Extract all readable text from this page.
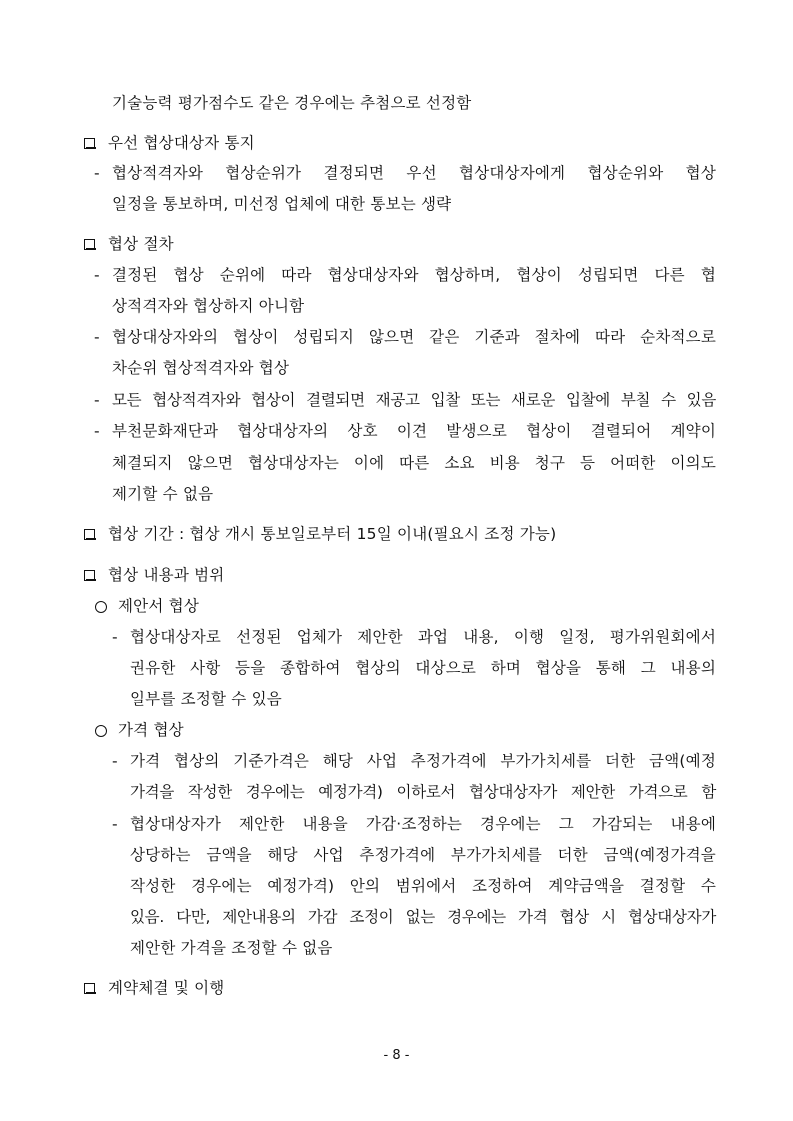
기술능력 평가점수도 같은 경우에는 추첨으로 선정함
우선 협상대상자 통지
- 협상적격자와 협상순위가 결정되면 우선 협상대상자에게 협상순위와 협상
일정을 통보하며, 미선정 업체에 대한 통보는 생략
협상 절차
- 결정된 협상 순위에 따라 협상대상자와 협상하며, 협상이 성립되면 다른 협
상적격자와 협상하지 아니함
- 협상대상자와의 협상이 성립되지 않으면 같은 기준과 절차에 따라 순차적으로
차순위 협상적격자와 협상
- 모든 협상적격자와 협상이 결렬되면 재공고 입찰 또는 새로운 입찰에 부칠 수 있음
- 부천문화재단과 협상대상자의 상호 이견 발생으로 협상이 결렬되어 계약이
체결되지 않으면 협상대상자는 이에 따른 소요 비용 청구 등 어떠한 이의도
제기할 수 없음
협상 기간 : 협상 개시 통보일로부터 15일 이내(필요시 조정 가능)
협상 내용과 범위
제안서 협상
- 협상대상자로 선정된 업체가 제안한 과업 내용, 이행 일정, 평가위원회에서
권유한 사항 등을 종합하여 협상의 대상으로 하며 협상을 통해 그 내용의
일부를 조정할 수 있음
가격 협상
- 가격 협상의 기준가격은 해당 사업 추정가격에 부가가치세를 더한 금액(예정
가격을 작성한 경우에는 예정가격) 이하로서 협상대상자가 제안한 가격으로 함
- 협상대상자가 제안한 내용을 가감·조정하는 경우에는 그 가감되는 내용에
상당하는 금액을 해당 사업 추정가격에 부가가치세를 더한 금액(예정가격을
작성한 경우에는 예정가격) 안의 범위에서 조정하여 계약금액을 결정할 수
있음. 다만, 제안내용의 가감 조정이 없는 경우에는 가격 협상 시 협상대상자가
제안한 가격을 조정할 수 없음
계약체결 및 이행
- 8 -
